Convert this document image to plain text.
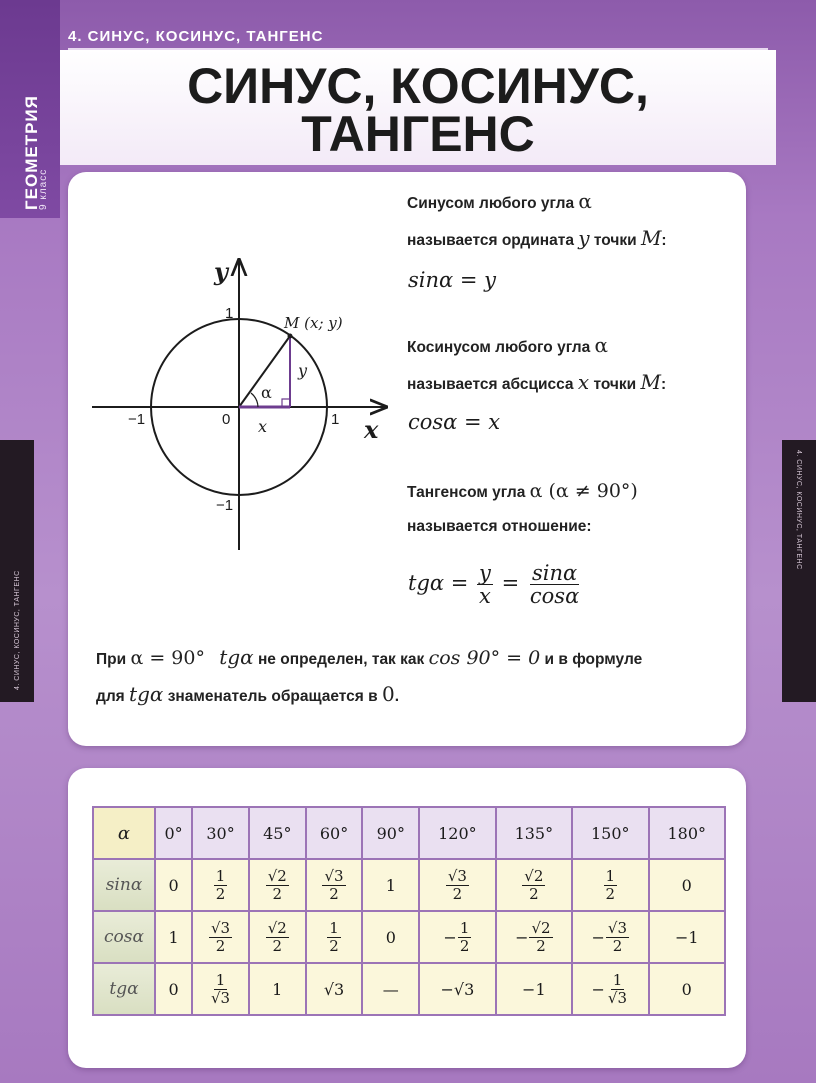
ГЕОМЕТРИЯ
9 класс
4. СИНУС, КОСИНУС, ТАНГЕНС
СИНУС, КОСИНУС,
ТАНГЕНС
4. СИНУС, КОСИНУС, ТАНГЕНС
4. СИНУС, КОСИНУС, ТАНГЕНС
y
x
M (x; y)
α
x
y
1
−1
−1	1
0
Синусом любого угла α
называется ордината y точки M:
sinα = y
Косинусом любого угла α
называется абсцисса x точки M:
cosα = x
Тангенсом угла α (α ≠ 90°)
называется отношение:
$tg\alpha = \frac{y}{x} = \frac{\sin\alpha}{\cos\alpha}$
При α = 90° tgα не определен, так как cos 90° = 0 и в формуле
для tgα знаменатель обращается в 0.
α	0°	30°	45°	60°	90°	120°	135°	150°	180°
sinα	0	$\frac{1}{2}$	$\frac{√2}{2}$	$\frac{√3}{2}$	1	$\frac{√3}{2}$	$\frac{√2}{2}$	$\frac{1}{2}$	0
cosα	1	$\frac{√3}{2}$	$\frac{√2}{2}$	$\frac{1}{2}$	0	− $\frac{1}{2}$	− $\frac{√2}{2}$	− $\frac{√3}{2}$	−1
tgα	0	$\frac{1}{√3}$	1	√3	—	−√3	−1	− $\frac{1}{√3}$	0
